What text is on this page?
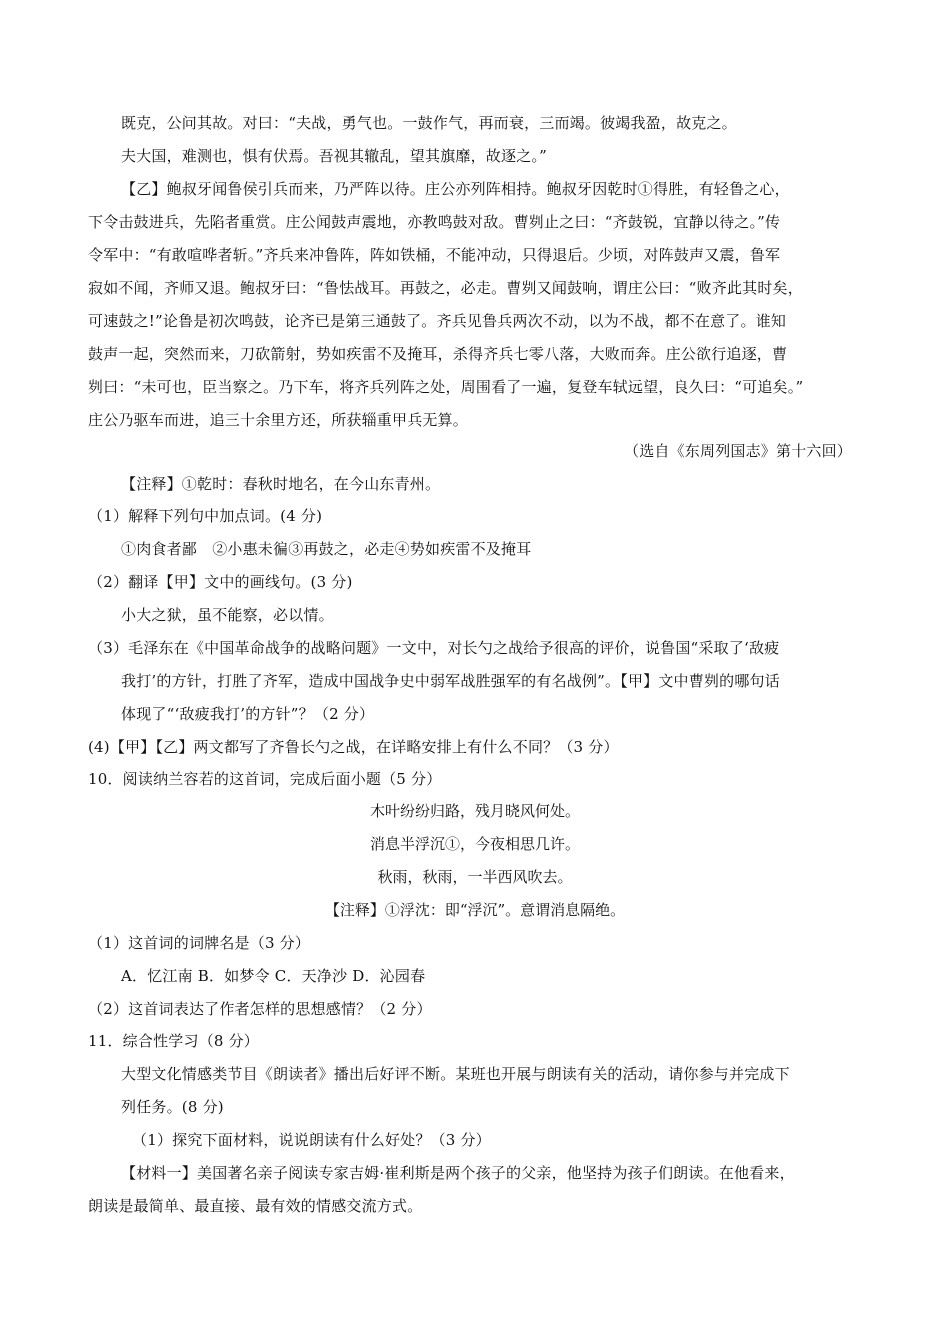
既克，公问其故。对曰：“夫战，勇气也。一鼓作气，再而衰，三而竭。彼竭我盈，故克之。
夫大国，难测也，惧有伏焉。吾视其辙乱，望其旗靡，故逐之。”
【乙】鲍叔牙闻鲁侯引兵而来，乃严阵以待。庄公亦列阵相持。鲍叔牙因乾时①得胜，有轻鲁之心，
下令击鼓进兵，先陷者重赏。庄公闻鼓声震地，亦教鸣鼓对敌。曹刿止之曰：“齐鼓锐，宜静以待之。”传
令军中：“有敢喧哗者斩。”齐兵来冲鲁阵，阵如铁桶，不能冲动，只得退后。少顷，对阵鼓声又震，鲁军
寂如不闻，齐师又退。鲍叔牙曰：“鲁怯战耳。再鼓之，必走。曹刿又闻鼓响，谓庄公曰：“败齐此其时矣，
可速鼓之!”论鲁是初次鸣鼓，论齐已是第三通鼓了。齐兵见鲁兵两次不动，以为不战，都不在意了。谁知
鼓声一起，突然而来，刀砍箭射，势如疾雷不及掩耳，杀得齐兵七零八落，大败而奔。庄公欲行追逐，曹
刿曰：“未可也，臣当察之。乃下车，将齐兵列阵之处，周围看了一遍，复登车轼远望，良久曰：“可追矣。”
庄公乃驱车而进，追三十余里方还，所获辎重甲兵无算。
（选自《东周列国志》第十六回）
【注释】①乾时：春秋时地名，在今山东青州。
（1）解释下列句中加点词。(4 分)
①肉食者鄙　②小惠未徧③再鼓之，必走④势如疾雷不及掩耳
（2）翻译【甲】文中的画线句。(3 分)
小大之狱，虽不能察，必以情。
（3）毛泽东在《中国革命战争的战略问题》一文中，对长勺之战给予很高的评价，说鲁国“采取了‘敌疲
我打’的方针，打胜了齐军，造成中国战争史中弱军战胜强军的有名战例”。【甲】文中曹刿的哪句话
体现了“‘敌疲我打’的方针”？（2 分）
(4)【甲】【乙】两文都写了齐鲁长勺之战，在详略安排上有什么不同？（3 分）
10．阅读纳兰容若的这首词，完成后面小题（5 分）
木叶纷纷归路，残月晓风何处。
消息半浮沉①，今夜相思几许。
秋雨，秋雨，一半西风吹去。
【注释】①浮沈：即“浮沉”。意谓消息隔绝。
（1）这首词的词牌名是（3 分）
A．忆江南 B．如梦令 C．天净沙 D．沁园春
（2）这首词表达了作者怎样的思想感情？（2 分）
11．综合性学习（8 分）
大型文化情感类节目《朗读者》播出后好评不断。某班也开展与朗读有关的活动，请你参与并完成下
列任务。(8 分)
（1）探究下面材料，说说朗读有什么好处？（3 分）
【材料一】美国著名亲子阅读专家吉姆·崔利斯是两个孩子的父亲，他坚持为孩子们朗读。在他看来，
朗读是最简单、最直接、最有效的情感交流方式。
